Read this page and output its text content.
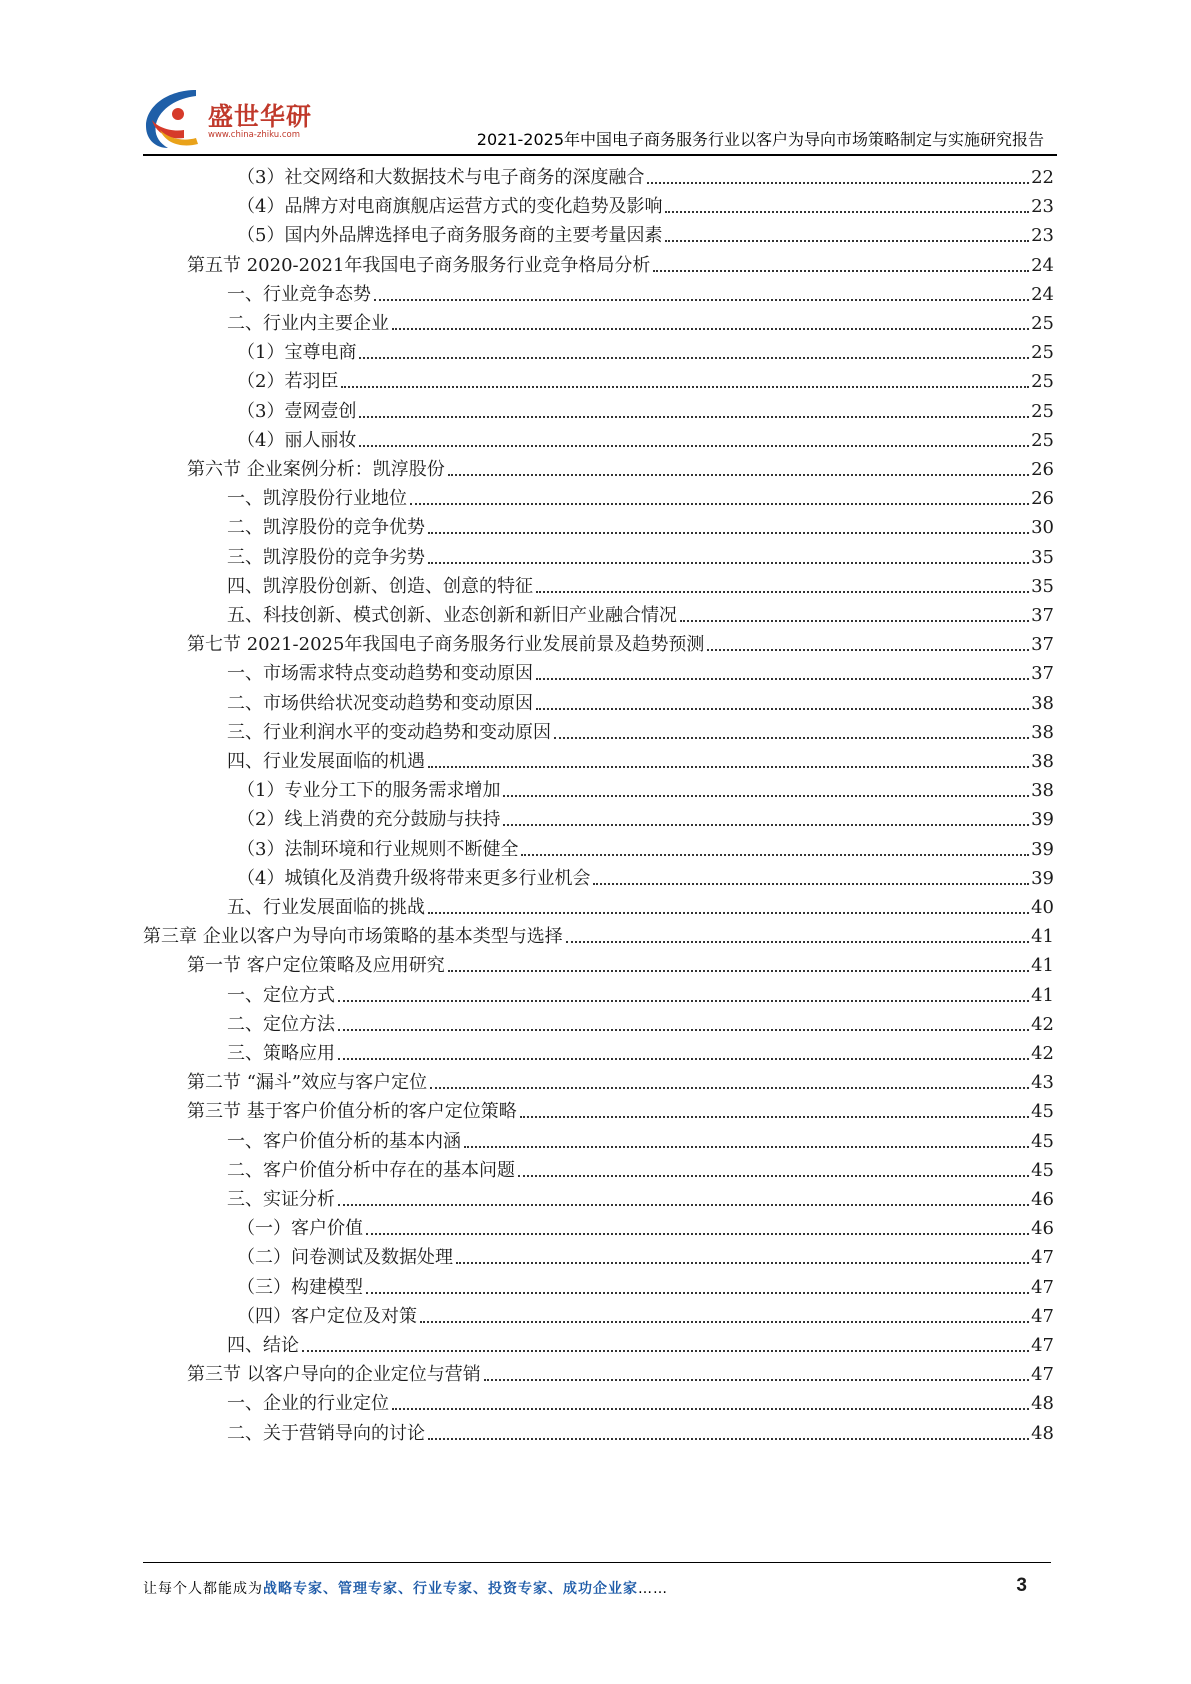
盛世华研
www.china-zhiku.com	2021-2025年中国电子商务服务行业以客户为导向市场策略制定与实施研究报告
（3）社交网络和大数据技术与电子商务的深度融合	22
（4）品牌方对电商旗舰店运营方式的变化趋势及影响	23
（5）国内外品牌选择电子商务服务商的主要考量因素	23
第五节 2020-2021年我国电子商务服务行业竞争格局分析	24
一、行业竞争态势	24
二、行业内主要企业	25
（1）宝尊电商	25
（2）若羽臣	25
（3）壹网壹创	25
（4）丽人丽妆	25
第六节 企业案例分析：凯淳股份	26
一、凯淳股份行业地位	26
二、凯淳股份的竞争优势	30
三、凯淳股份的竞争劣势	35
四、凯淳股份创新、创造、创意的特征	35
五、科技创新、模式创新、业态创新和新旧产业融合情况	37
第七节 2021-2025年我国电子商务服务行业发展前景及趋势预测	37
一、市场需求特点变动趋势和变动原因	37
二、市场供给状况变动趋势和变动原因	38
三、行业利润水平的变动趋势和变动原因	38
四、行业发展面临的机遇	38
（1）专业分工下的服务需求增加	38
（2）线上消费的充分鼓励与扶持	39
（3）法制环境和行业规则不断健全	39
（4）城镇化及消费升级将带来更多行业机会	39
五、行业发展面临的挑战	40
第三章 企业以客户为导向市场策略的基本类型与选择	41
第一节 客户定位策略及应用研究	41
一、定位方式	41
二、定位方法	42
三、策略应用	42
第二节 “漏斗”效应与客户定位	43
第三节 基于客户价值分析的客户定位策略	45
一、客户价值分析的基本内涵	45
二、客户价值分析中存在的基本问题	45
三、实证分析	46
（一）客户价值	46
（二）问卷测试及数据处理	47
（三）构建模型	47
（四）客户定位及对策	47
四、结论	47
第三节 以客户导向的企业定位与营销	47
一、企业的行业定位	48
二、关于营销导向的讨论	48
让每个人都能成为战略专家、管理专家、行业专家、投资专家、成功企业家……	3
